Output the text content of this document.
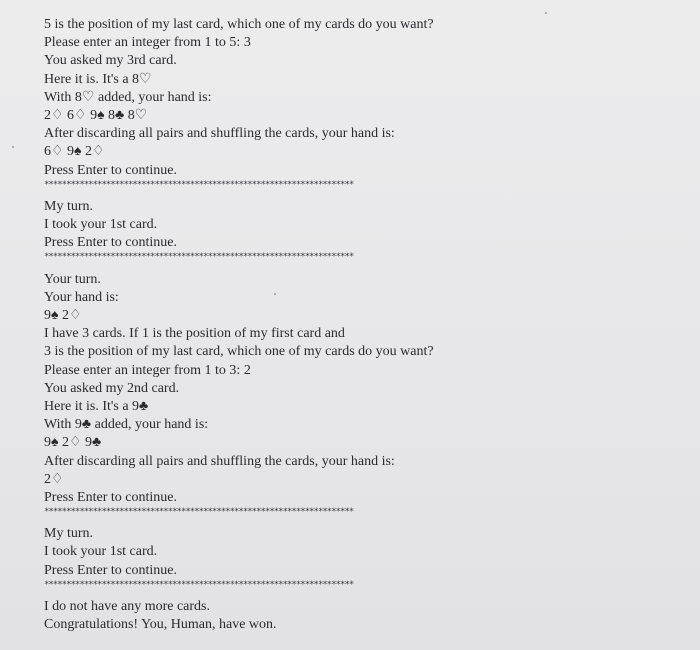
5 is the position of my last card, which one of my cards do you want?
Please enter an integer from 1 to 5: 3
You asked my 3rd card.
Here it is. It's a 8♡
With 8♡ added, your hand is:
2♢ 6♢ 9♠ 8♣ 8♡
After discarding all pairs and shuffling the cards, your hand is:
6♢ 9♠ 2♢
Press Enter to continue.
**********************************************************************
My turn.
I took your 1st card.
Press Enter to continue.
**********************************************************************
Your turn.
Your hand is:
9♠ 2♢
I have 3 cards. If 1 is the position of my first card and
3 is the position of my last card, which one of my cards do you want?
Please enter an integer from 1 to 3: 2
You asked my 2nd card.
Here it is. It's a 9♣
With 9♣ added, your hand is:
9♠ 2♢ 9♣
After discarding all pairs and shuffling the cards, your hand is:
2♢
Press Enter to continue.
**********************************************************************
My turn.
I took your 1st card.
Press Enter to continue.
**********************************************************************
I do not have any more cards.
Congratulations! You, Human, have won.
